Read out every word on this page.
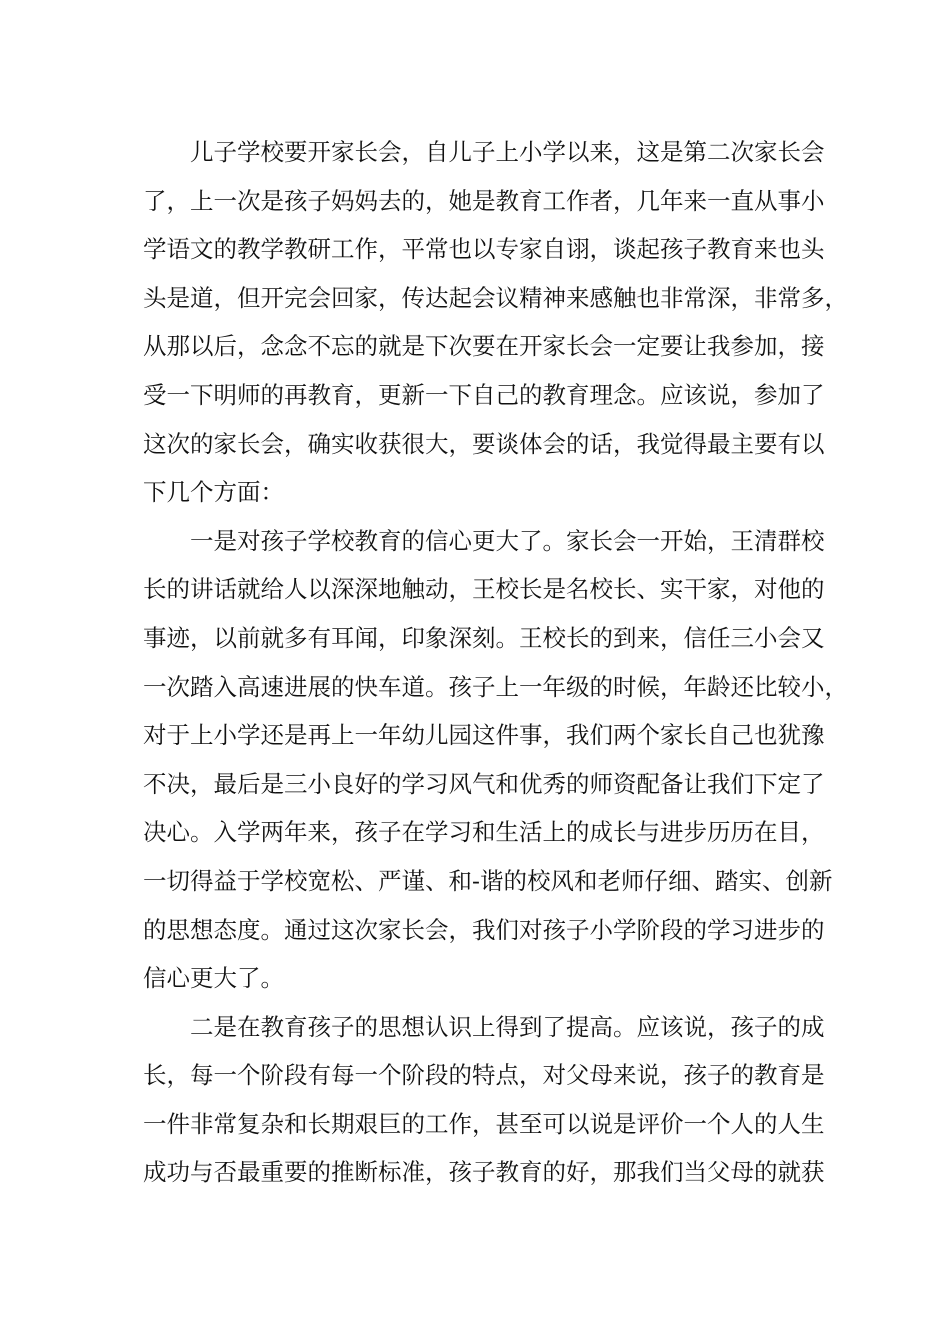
儿子学校要开家长会，自儿子上小学以来，这是第二次家长会
了，上一次是孩子妈妈去的，她是教育工作者，几年来一直从事小
学语文的教学教研工作，平常也以专家自诩，谈起孩子教育来也头
头是道，但开完会回家，传达起会议精神来感触也非常深，非常多，
从那以后，念念不忘的就是下次要在开家长会一定要让我参加，接
受一下明师的再教育，更新一下自己的教育理念。应该说，参加了
这次的家长会，确实收获很大，要谈体会的话，我觉得最主要有以
下几个方面：
一是对孩子学校教育的信心更大了。家长会一开始，王清群校
长的讲话就给人以深深地触动，王校长是名校长、实干家，对他的
事迹，以前就多有耳闻，印象深刻。王校长的到来，信任三小会又
一次踏入高速进展的快车道。孩子上一年级的时候，年龄还比较小，
对于上小学还是再上一年幼儿园这件事，我们两个家长自己也犹豫
不决，最后是三小良好的学习风气和优秀的师资配备让我们下定了
决心。入学两年来，孩子在学习和生活上的成长与进步历历在目，
一切得益于学校宽松、严谨、和-谐的校风和老师仔细、踏实、创新
的思想态度。通过这次家长会，我们对孩子小学阶段的学习进步的
信心更大了。
二是在教育孩子的思想认识上得到了提高。应该说，孩子的成
长，每一个阶段有每一个阶段的特点，对父母来说，孩子的教育是
一件非常复杂和长期艰巨的工作，甚至可以说是评价一个人的人生
成功与否最重要的推断标准，孩子教育的好，那我们当父母的就获
